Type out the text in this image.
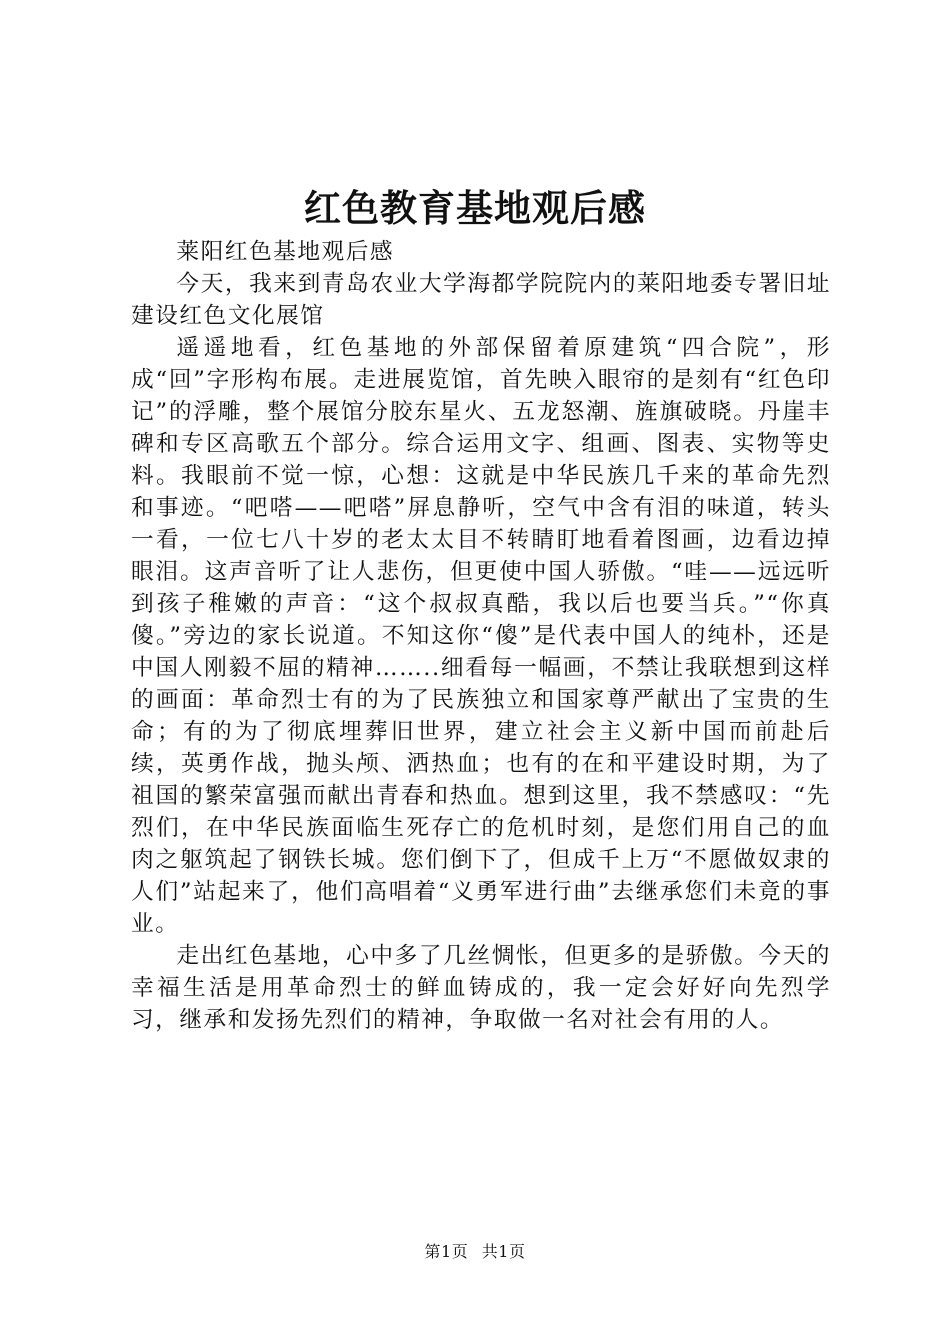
红色教育基地观后感

莱阳红色基地观后感

今天，我来到青岛农业大学海都学院院内的莱阳地委专署旧址建设红色文化展馆

遥遥地看，红色基地的外部保留着原建筑“四合院”，形成“回”字形构布展。走进展览馆，首先映入眼帘的是刻有“红色印记”的浮雕，整个展馆分胶东星火、五龙怒潮、旌旗破晓。丹崖丰碑和专区高歌五个部分。综合运用文字、组画、图表、实物等史料。我眼前不觉一惊，心想：这就是中华民族几千来的革命先烈和事迹。“吧嗒——吧嗒”屏息静听，空气中含有泪的味道，转头一看，一位七八十岁的老太太目不转睛盯地看着图画，边看边掉眼泪。这声音听了让人悲伤，但更使中国人骄傲。“哇——远远听到孩子稚嫩的声音：“这个叔叔真酷，我以后也要当兵。”“你真傻。”旁边的家长说道。不知这你“傻”是代表中国人的纯朴，还是中国人刚毅不屈的精神……..细看每一幅画，不禁让我联想到这样的画面：革命烈士有的为了民族独立和国家尊严献出了宝贵的生命；有的为了彻底埋葬旧世界，建立社会主义新中国而前赴后续，英勇作战，抛头颅、洒热血；也有的在和平建设时期，为了祖国的繁荣富强而献出青春和热血。想到这里，我不禁感叹：“先烈们，在中华民族面临生死存亡的危机时刻，是您们用自己的血肉之躯筑起了钢铁长城。您们倒下了，但成千上万“不愿做奴隶的人们”站起来了，他们高唱着“义勇军进行曲”去继承您们未竟的事业。

走出红色基地，心中多了几丝惆怅，但更多的是骄傲。今天的幸福生活是用革命烈士的鲜血铸成的，我一定会好好向先烈学习，继承和发扬先烈们的精神，争取做一名对社会有用的人。

第1页 共1页
